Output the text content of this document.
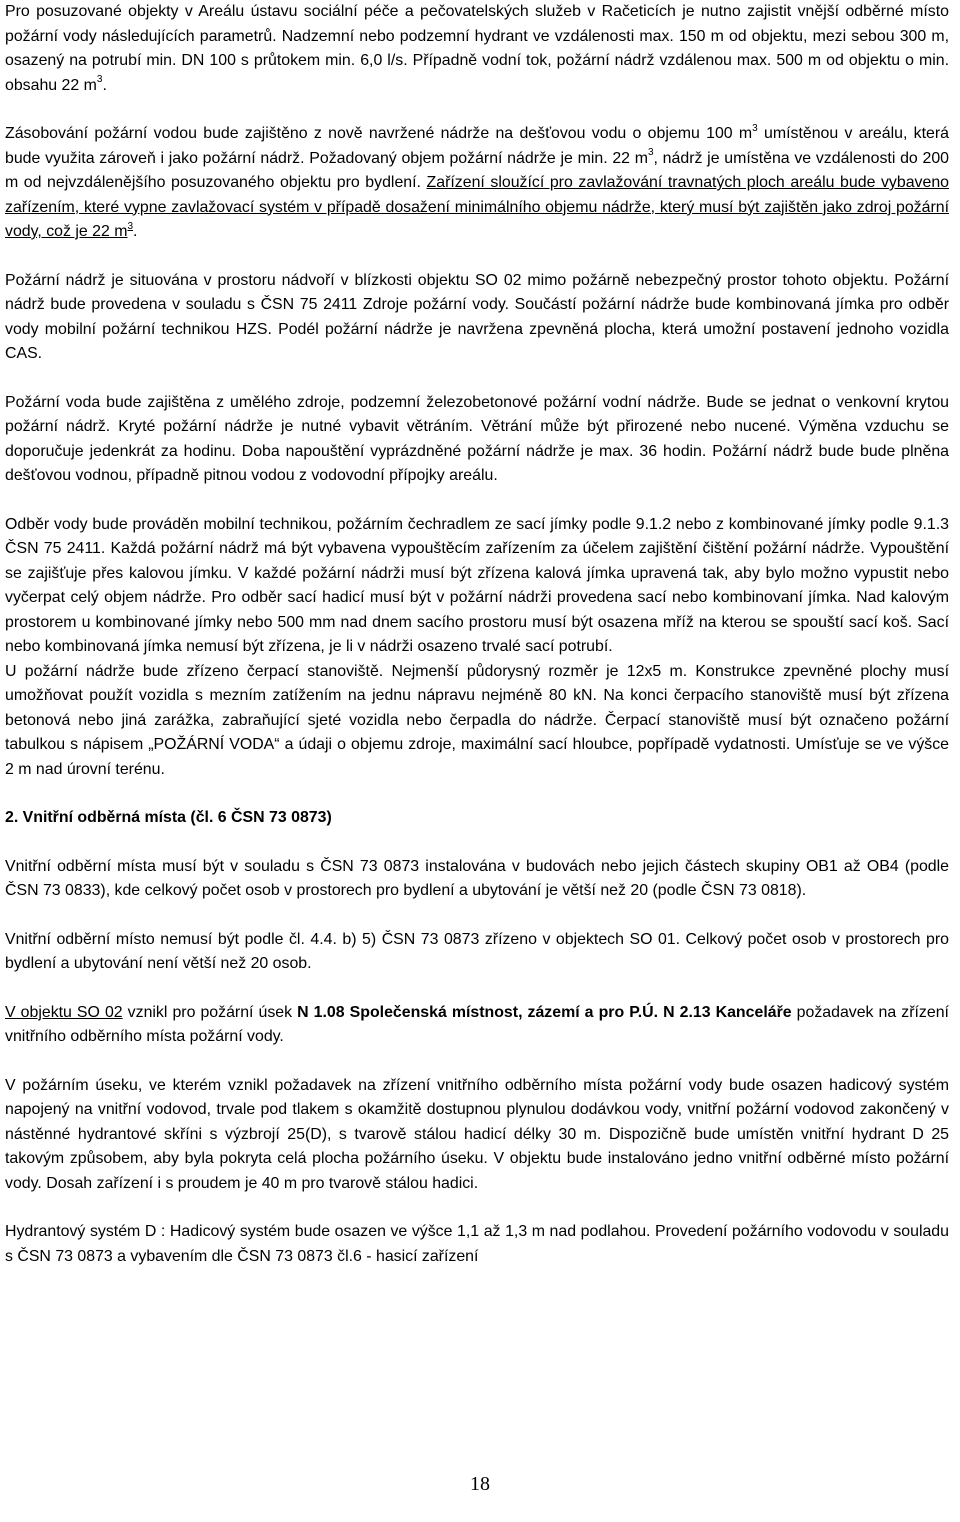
Pro posuzované objekty v Areálu ústavu sociální péče a pečovatelských služeb v Račeticích je nutno zajistit vnější odběrné místo požární vody následujících parametrů. Nadzemní nebo podzemní hydrant ve vzdálenosti max. 150 m od objektu, mezi sebou 300 m, osazený na potrubí min. DN 100 s průtokem min. 6,0 l/s. Případně vodní tok, požární nádrž vzdálenou max. 500 m od objektu o min. obsahu 22 $m^3$.

Zásobování požární vodou bude zajištěno z nově navržené nádrže na dešťovou vodu o objemu 100 $m^3$ umístěnou v areálu, která bude využita zároveň i jako požární nádrž. Požadovaný objem požární nádrže je min. 22 $m^3$, nádrž je umístěna ve vzdálenosti do 200 m od nejvzdálenějšího posuzovaného objektu pro bydlení. Zařízení sloužící pro zavlažování travnatých ploch areálu bude vybaveno zařízením, které vypne zavlažovací systém v případě dosažení minimálního objemu nádrže, který musí být zajištěn jako zdroj požární vody, což je 22 $m^3$.

Požární nádrž je situována v prostoru nádvoří v blízkosti objektu SO 02 mimo požárně nebezpečný prostor tohoto objektu. Požární nádrž bude provedena v souladu s ČSN 75 2411 Zdroje požární vody. Součástí požární nádrže bude kombinovaná jímka pro odběr vody mobilní požární technikou HZS. Podél požární nádrže je navržena zpevněná plocha, která umožní postavení jednoho vozidla CAS.

Požární voda bude zajištěna z umělého zdroje, podzemní železobetonové požární vodní nádrže. Bude se jednat o venkovní krytou požární nádrž. Kryté požární nádrže je nutné vybavit větráním. Větrání může být přirozené nebo nucené. Výměna vzduchu se doporučuje jedenkrát za hodinu. Doba napouštění vyprázdněné požární nádrže je max. 36 hodin. Požární nádrž bude bude plněna dešťovou vodnou, případně pitnou vodou z vodovodní přípojky areálu.

Odběr vody bude prováděn mobilní technikou, požárním čechradlem ze sací jímky podle 9.1.2 nebo z kombinované jímky podle 9.1.3 ČSN 75 2411. Každá požární nádrž má být vybavena vypouštěcím zařízením za účelem zajištění čištění požární nádrže. Vypouštění se zajišťuje přes kalovou jímku. V každé požární nádrži musí být zřízena kalová jímka upravená tak, aby bylo možno vypustit nebo vyčerpat celý objem nádrže. Pro odběr sací hadicí musí být v požární nádrži provedena sací nebo kombinovaní jímka. Nad kalovým prostorem u kombinované jímky nebo 500 mm nad dnem sacího prostoru musí být osazena mříž na kterou se spouští sací koš. Sací nebo kombinovaná jímka nemusí být zřízena, je li v nádrži osazeno trvalé sací potrubí.

U požární nádrže bude zřízeno čerpací stanoviště. Nejmenší půdorysný rozměr je 12x5 m. Konstrukce zpevněné plochy musí umožňovat použít vozidla s mezním zatížením na jednu nápravu nejméně 80 kN. Na konci čerpacího stanoviště musí být zřízena betonová nebo jiná zarážka, zabraňující sjeté vozidla nebo čerpadla do nádrže. Čerpací stanoviště musí být označeno požární tabulkou s nápisem „POŽÁRNÍ VODA“ a údaji o objemu zdroje, maximální sací hloubce, popřípadě vydatnosti. Umísťuje se ve výšce 2 m nad úrovní terénu.

2. Vnitřní odběrná místa (čl. 6 ČSN 73 0873)

Vnitřní odběrní místa musí být v souladu s ČSN 73 0873 instalována v budovách nebo jejich částech skupiny OB1 až OB4 (podle ČSN 73 0833), kde celkový počet osob v prostorech pro bydlení a ubytování je větší než 20 (podle ČSN 73 0818).

Vnitřní odběrní místo nemusí být podle čl. 4.4. b) 5) ČSN 73 0873 zřízeno v objektech SO 01. Celkový počet osob v prostorech pro bydlení a ubytování není větší než 20 osob.

V objektu SO 02 vznikl pro požární úsek N 1.08 Společenská místnost, zázemí a pro P.Ú. N 2.13 Kanceláře požadavek na zřízení vnitřního odběrního místa požární vody.

V požárním úseku, ve kterém vznikl požadavek na zřízení vnitřního odběrního místa požární vody bude osazen hadicový systém napojený na vnitřní vodovod, trvale pod tlakem s okamžitě dostupnou plynulou dodávkou vody, vnitřní požární vodovod zakončený v nástěnné hydrantové skříni s výzbrojí 25(D), s tvarově stálou hadicí délky 30 m. Dispozičně bude umístěn vnitřní hydrant D 25 takovým způsobem, aby byla pokryta celá plocha požárního úseku. V objektu bude instalováno jedno vnitřní odběrné místo požární vody. Dosah zařízení i s proudem je 40 m pro tvarově stálou hadici.

Hydrantový systém D : Hadicový systém bude osazen ve výšce 1,1 až 1,3 m nad podlahou. Provedení požárního vodovodu v souladu s ČSN 73 0873 a vybavením dle ČSN 73 0873 čl.6 - hasicí zařízení

18
